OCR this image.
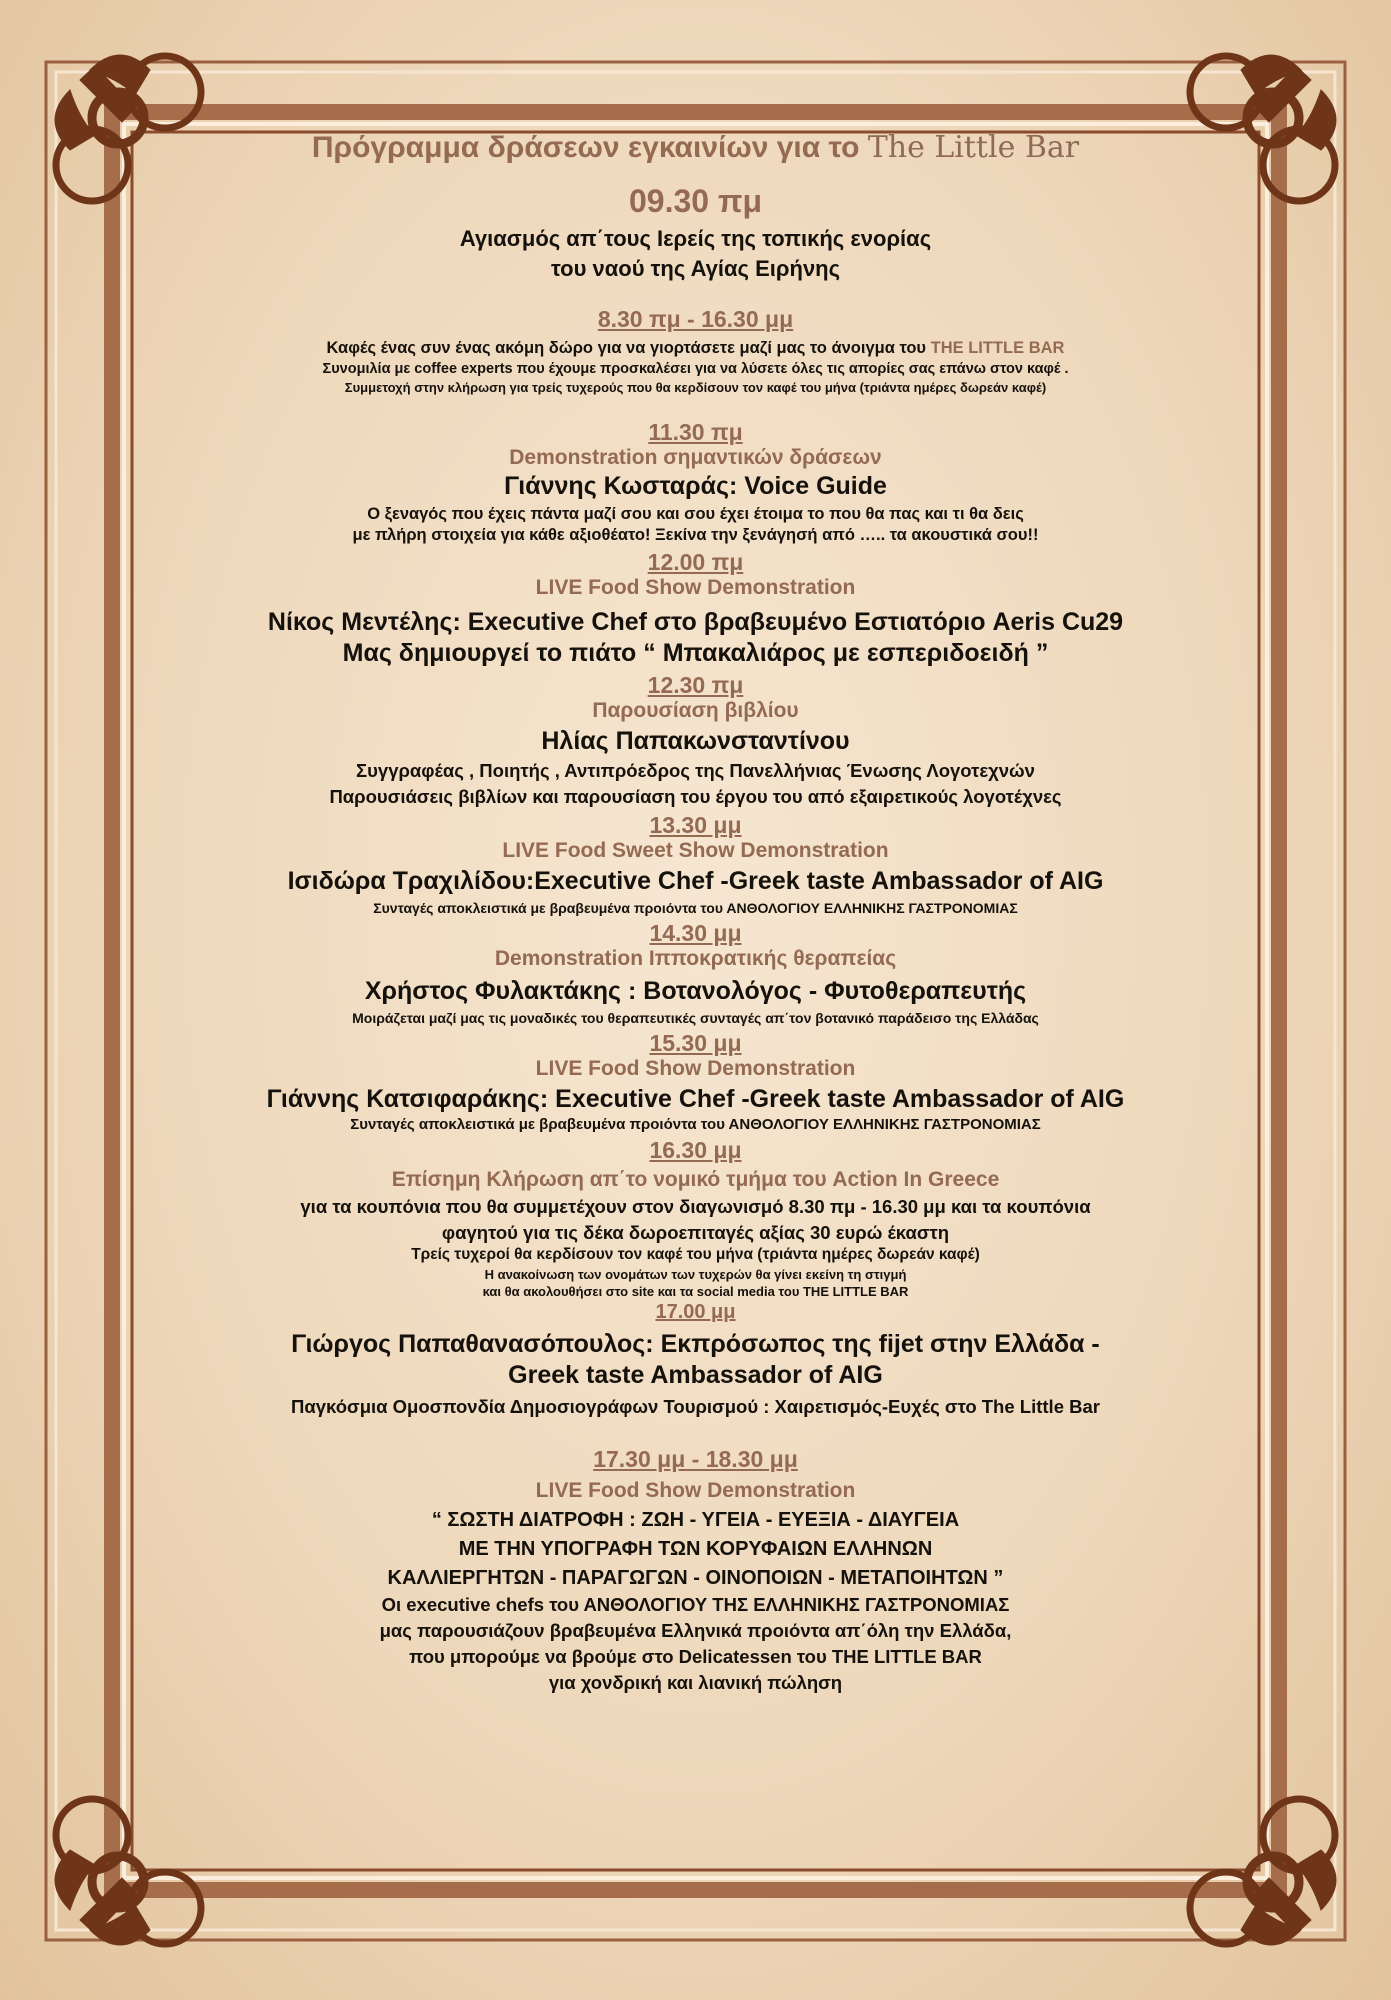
Πρόγραμμα δράσεων εγκαινίων για το The Little Bar

09.30 πμ

Αγιασμός απ΄τους Ιερείς της τοπικής ενορίας

του ναού της Αγίας Ειρήνης

8.30 πμ - 16.30 μμ

Καφές ένας συν ένας ακόμη δώρο για να γιορτάσετε μαζί μας το άνοιγμα του THE LITTLE BAR

Συνομιλία με coffee experts που έχουμε προσκαλέσει για να λύσετε όλες τις απορίες σας επάνω στον καφέ .

Συμμετοχή στην κλήρωση για τρείς τυχερούς που θα κερδίσουν τον καφέ του μήνα (τριάντα ημέρες δωρεάν καφέ)

11.30 πμ

Demonstration σημαντικών δράσεων

Γιάννης Κωσταράς: Voice Guide

Ο ξεναγός που έχεις πάντα μαζί σου και σου έχει έτοιμα το που θα πας και τι θα δεις

με πλήρη στοιχεία για κάθε αξιοθέατο! Ξεκίνα την ξενάγησή από ….. τα ακουστικά σου!!

12.00 πμ

LIVE Food Show Demonstration

Νίκος Μεντέλης: Executive Chef στο βραβευμένο Εστιατόριο Aeris Cu29

Μας δημιουργεί το πιάτο “ Μπακαλιάρος με εσπεριδοειδή ”

12.30 πμ

Παρουσίαση βιβλίου

Ηλίας Παπακωνσταντίνου

Συγγραφέας , Ποιητής , Αντιπρόεδρος της Πανελλήνιας Ένωσης Λογοτεχνών

Παρουσιάσεις βιβλίων και παρουσίαση του έργου του από εξαιρετικούς λογοτέχνες

13.30 μμ

LIVE Food Sweet Show Demonstration

Ισιδώρα Τραχιλίδου:Executive Chef -Greek taste Ambassador of AIG

Συνταγές αποκλειστικά με βραβευμένα προιόντα του ΑΝΘΟΛΟΓΙΟΥ ΕΛΛΗΝΙΚΗΣ ΓΑΣΤΡΟΝΟΜΙΑΣ

14.30 μμ

Demonstration Ιπποκρατικής θεραπείας

Χρήστος Φυλακτάκης : Βοτανολόγος - Φυτοθεραπευτής

Μοιράζεται μαζί μας τις μοναδικές του θεραπευτικές συνταγές απ΄τον βοτανικό παράδεισο της Ελλάδας

15.30 μμ

LIVE Food Show Demonstration

Γιάννης Κατσιφαράκης: Executive Chef -Greek taste Ambassador of AIG

Συνταγές αποκλειστικά με βραβευμένα προιόντα του ΑΝΘΟΛΟΓΙΟΥ ΕΛΛΗΝΙΚΗΣ ΓΑΣΤΡΟΝΟΜΙΑΣ

16.30 μμ

Επίσημη Κλήρωση απ΄το νομικό τμήμα του Action In Greece

για τα κουπόνια που θα συμμετέχουν στον διαγωνισμό 8.30 πμ - 16.30 μμ και τα κουπόνια

φαγητού για τις δέκα δωροεπιταγές αξίας 30 ευρώ έκαστη

Τρείς τυχεροί θα κερδίσουν τον καφέ του μήνα (τριάντα ημέρες δωρεάν καφέ)

Η ανακοίνωση των ονομάτων των τυχερών θα γίνει εκείνη τη στιγμή

και θα ακολουθήσει στο site και τα social media του THE LITTLE BAR

17.00 μμ

Γιώργος Παπαθανασόπουλος: Εκπρόσωπος της fijet στην Ελλάδα -

Greek taste Ambassador of AIG

Παγκόσμια Ομοσπονδία Δημοσιογράφων Τουρισμού : Χαιρετισμός-Ευχές στο The Little Bar

17.30 μμ - 18.30 μμ

LIVE Food Show Demonstration

“ ΣΩΣΤΗ ΔΙΑΤΡΟΦΗ : ΖΩΗ - ΥΓΕΙΑ - ΕΥΕΞΙΑ - ΔΙΑΥΓΕΙΑ

ΜΕ ΤΗΝ ΥΠΟΓΡΑΦΗ ΤΩΝ ΚΟΡΥΦΑΙΩΝ ΕΛΛΗΝΩΝ

ΚΑΛΛΙΕΡΓΗΤΩΝ - ΠΑΡΑΓΩΓΩΝ - ΟΙΝΟΠΟΙΩΝ - ΜΕΤΑΠΟΙΗΤΩΝ ”

Οι executive chefs του ΑΝΘΟΛΟΓΙΟΥ ΤΗΣ ΕΛΛΗΝΙΚΗΣ ΓΑΣΤΡΟΝΟΜΙΑΣ

μας παρουσιάζουν βραβευμένα Ελληνικά προιόντα απ΄όλη την Ελλάδα,

που μπορούμε να βρούμε στο Delicatessen του THE LITTLE BAR

για χονδρική και λιανική πώληση
